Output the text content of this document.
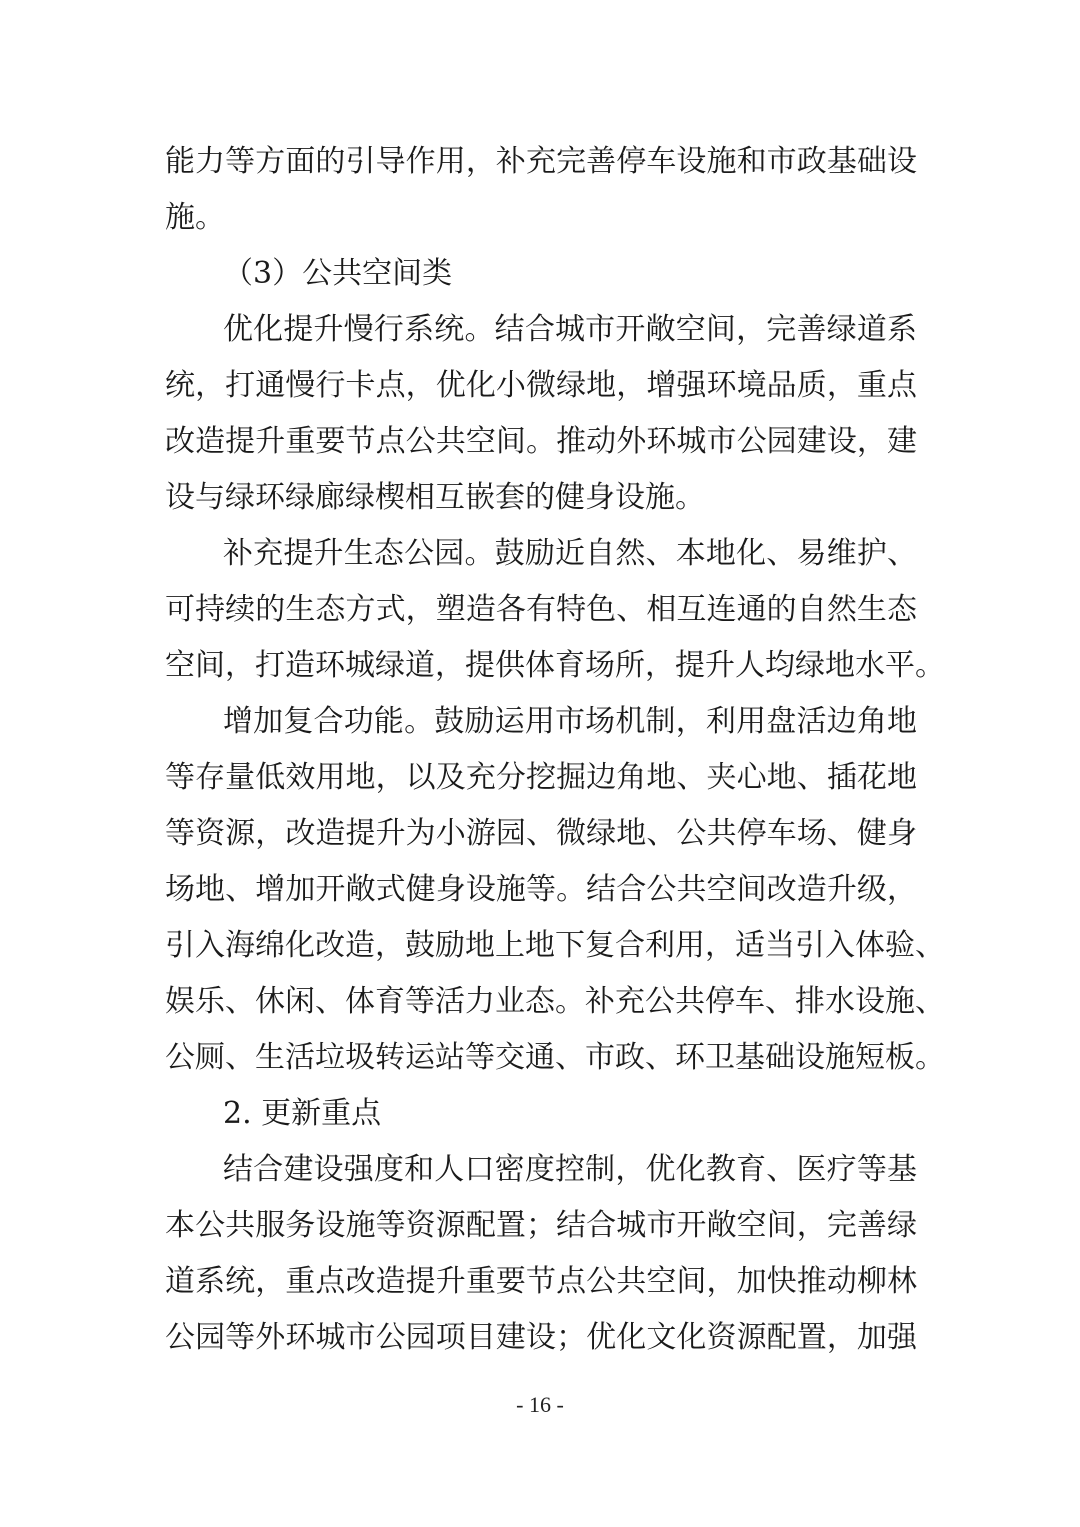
能力等方面的引导作用，补充完善停车设施和市政基础设
施。
（3）公共空间类
优化提升慢行系统。结合城市开敞空间，完善绿道系
统，打通慢行卡点，优化小微绿地，增强环境品质，重点
改造提升重要节点公共空间。推动外环城市公园建设，建
设与绿环绿廊绿楔相互嵌套的健身设施。
补充提升生态公园。鼓励近自然、本地化、易维护、
可持续的生态方式，塑造各有特色、相互连通的自然生态
空间，打造环城绿道，提供体育场所，提升人均绿地水平。
增加复合功能。鼓励运用市场机制，利用盘活边角地
等存量低效用地，以及充分挖掘边角地、夹心地、插花地
等资源，改造提升为小游园、微绿地、公共停车场、健身
场地、增加开敞式健身设施等。结合公共空间改造升级，
引入海绵化改造，鼓励地上地下复合利用，适当引入体验、
娱乐、休闲、体育等活力业态。补充公共停车、排水设施、
公厕、生活垃圾转运站等交通、市政、环卫基础设施短板。
2. 更新重点
结合建设强度和人口密度控制，优化教育、医疗等基
本公共服务设施等资源配置；结合城市开敞空间，完善绿
道系统，重点改造提升重要节点公共空间，加快推动柳林
公园等外环城市公园项目建设；优化文化资源配置，加强
- 16 -
